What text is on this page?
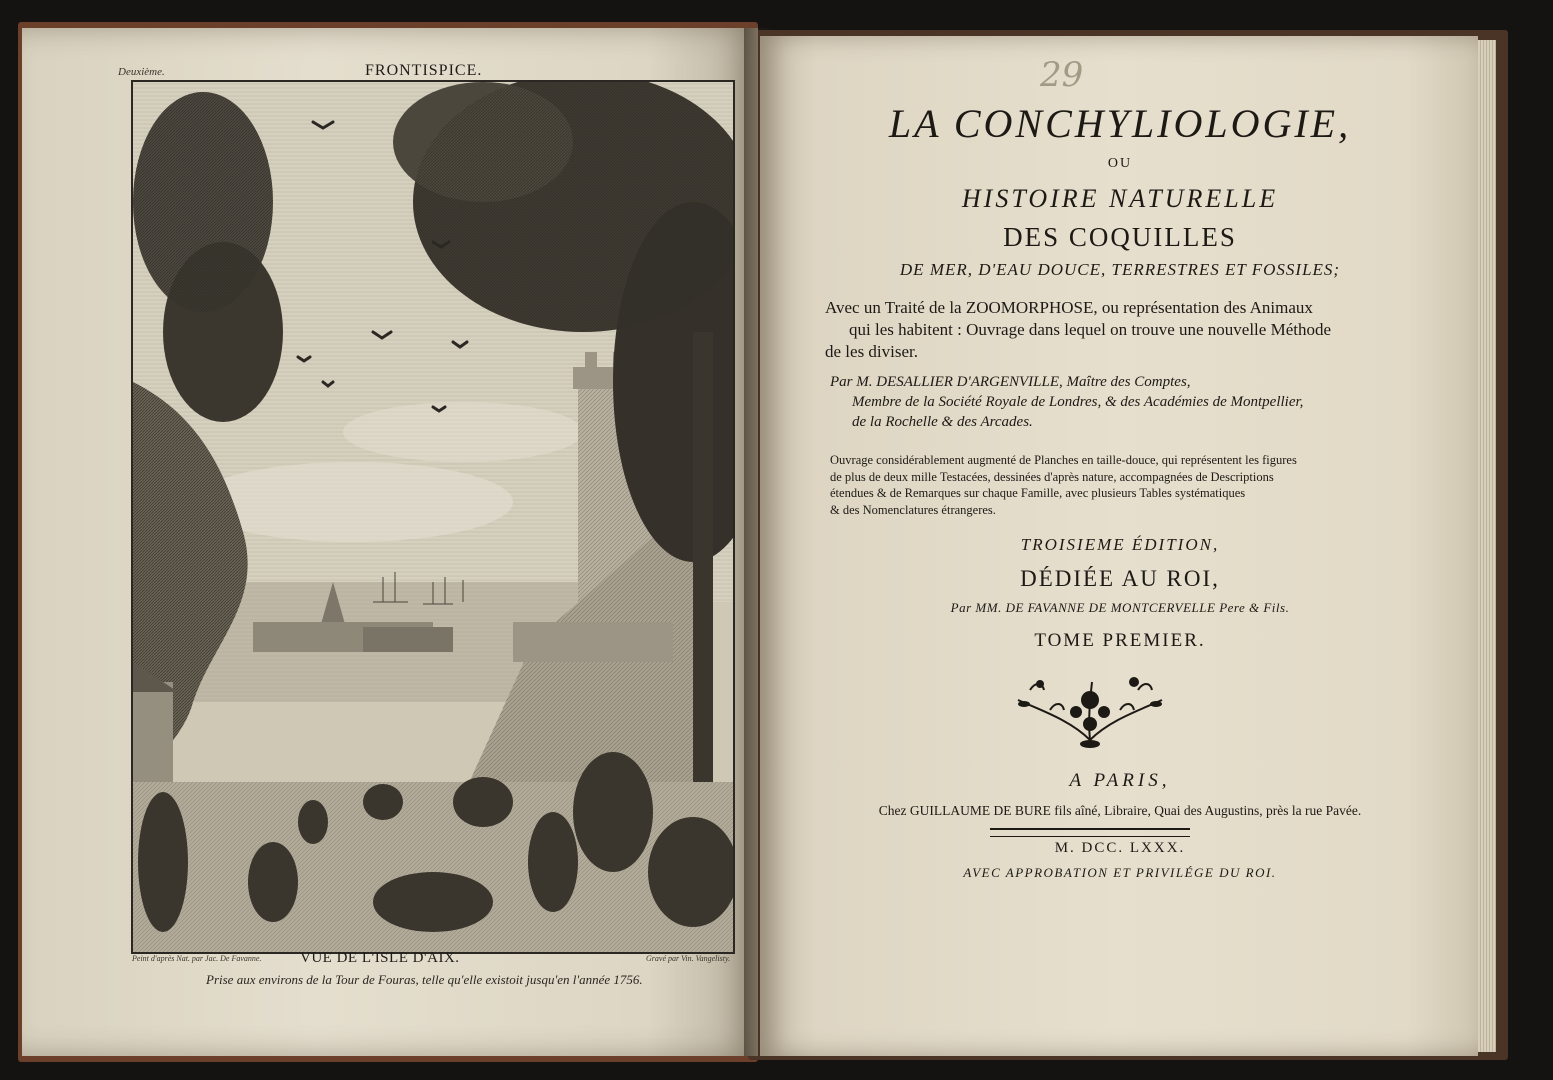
Deuxième.	FRONTISPICE.
Peint d'après Nat. par Jac. De Favanne.	Gravé par Vin. Vangelisty.
VUE DE L'ISLE D'AIX.
Prise aux environs de la Tour de Fouras, telle qu'elle existoit jusqu'en l'année 1756.
29
LA CONCHYLIOLOGIE,
OU
HISTOIRE NATURELLE
DES COQUILLES
DE MER, D'EAU DOUCE, TERRESTRES ET FOSSILES;
Avec un Traité de la ZOOMORPHOSE, ou représentation des Animaux
qui les habitent : Ouvrage dans lequel on trouve une nouvelle Méthode
de les diviser.
Par M. DESALLIER D'ARGENVILLE, Maître des Comptes,
Membre de la Société Royale de Londres, & des Académies de Montpellier,
de la Rochelle & des Arcades.
Ouvrage considérablement augmenté de Planches en taille-douce, qui représentent les figures
de plus de deux mille Testacées, dessinées d'après nature, accompagnées de Descriptions
étendues & de Remarques sur chaque Famille, avec plusieurs Tables systématiques
& des Nomenclatures étrangeres.
TROISIEME ÉDITION,
DÉDIÉE AU ROI,
Par MM. DE FAVANNE DE MONTCERVELLE Pere & Fils.
TOME PREMIER.
A PARIS,
Chez GUILLAUME DE BURE fils aîné, Libraire, Quai des Augustins, près la rue Pavée.
M. DCC. LXXX.
AVEC APPROBATION ET PRIVILÉGE DU ROI.
